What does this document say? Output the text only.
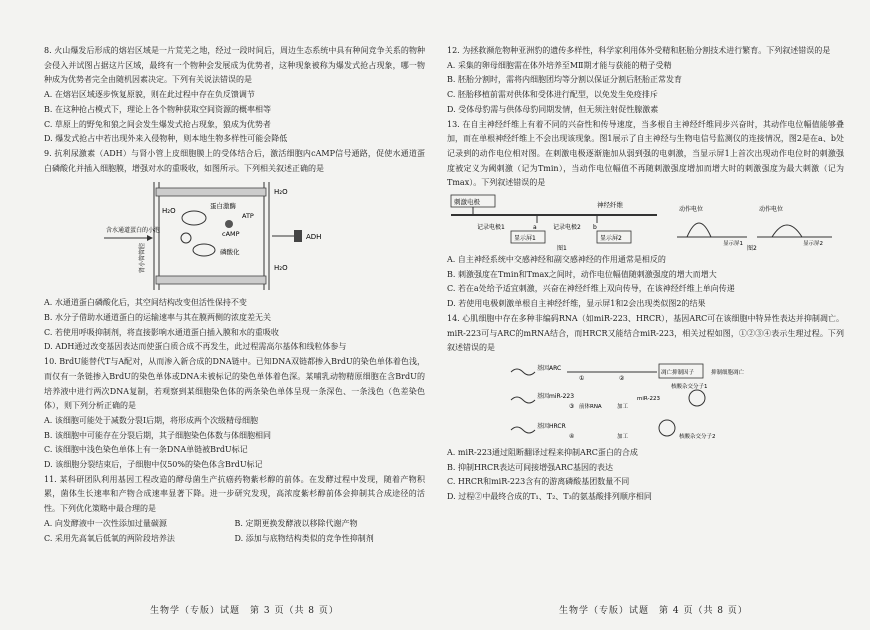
8. 火山爆发后形成的熔岩区域是一片荒芜之地，经过一段时间后，周边生态系统中具有种间竞争关系的物种会侵入并试图占据这片区域，最终有一个物种会发展成为优势者，这种现象被称为爆发式抢占现象，哪一物种成为优势者完全由随机因素决定。下列有关说法错误的是

A. 在熔岩区域逐步恢复原貌，则在此过程中存在负反馈调节

B. 在这种抢占模式下，理论上各个物种获取空间资源的概率相等

C. 草原上的野兔和狼之间会发生爆发式抢占现象，狼成为优势者

D. 爆发式抢占中若出现外来入侵物种，则本地生物多样性可能会降低

9. 抗利尿激素（ADH）与肾小管上皮细胞膜上的受体结合后，激活细胞内cAMP信号通路，促使水通道蛋白磷酸化并插入细胞膜，增强对水的重吸收，如图所示。下列相关叙述正确的是

H₂O
H₂O
H₂O
蛋白激酶
ATP
cAMP
含水通道蛋白的小泡
磷酸化
ADH
肾小管管腔

A. 水通道蛋白磷酸化后，其空间结构改变但活性保持不变

B. 水分子借助水通道蛋白的运输速率与其在膜两侧的浓度差无关

C. 若使用呼吸抑制剂，将直接影响水通道蛋白插入膜和水的重吸收

D. ADH通过改变基因表达而使蛋白质合成不再发生，此过程需高尔基体和线粒体参与

10. BrdU能替代T与A配对，从而渗入新合成的DNA链中。已知DNA双链都掺入BrdU的染色单体着色浅，而仅有一条链掺入BrdU的染色单体或DNA未被标记的染色单体着色深。某哺乳动物精原细胞在含BrdU的培养液中进行两次DNA复制，若观察到某细胞染色体的两条染色单体呈现一条深色、一条浅色（色差染色体），则下列分析正确的是

A. 该细胞可能处于减数分裂Ⅰ后期，将形成两个次级精母细胞

B. 该细胞中可能存在分裂后期，其子细胞染色体数与体细胞相同

C. 该细胞中浅色染色单体上有一条DNA单链被BrdU标记

D. 该细胞分裂结束后，子细胞中仅50%的染色体含BrdU标记

11. 某科研团队利用基因工程改造的酵母菌生产抗癌药物紫杉醇的前体。在发酵过程中发现，随着产物积累，菌体生长速率和产物合成速率显著下降。进一步研究发现，高浓度紫杉醇前体会抑制其合成途径的活性。下列优化策略中最合理的是

A. 向发酵液中一次性添加过量碳源	B. 定期更换发酵液以移除代谢产物

C. 采用先高氧后低氧的两阶段培养法	D. 添加与底物结构类似的竞争性抑制剂

生物学（专版）试题　第 3 页（共 8 页）

12. 为拯救濒危物种亚洲豹的遗传多样性，科学家利用体外受精和胚胎分割技术进行繁育。下列叙述错误的是

A. 采集的卵母细胞需在体外培养至MⅡ期才能与获能的精子受精

B. 胚胎分割时，需将内细胞团均等分割以保证分割后胚胎正常发育

C. 胚胎移植前需对供体和受体进行配型，以免发生免疫排斥

D. 受体母豹需与供体母豹同期发情，但无须注射促性腺激素

13. 在自主神经纤维上有着不同的兴奋性和传导速度，当多根自主神经纤维同步兴奋时，其动作电位幅值能够叠加，而在单根神经纤维上不会出现该现象。图1展示了自主神经与生物电信号监测仪的连接情况，图2是在a、b处记录到的动作电位相对图。在刺激电极逐渐施加从弱到强的电刺激，当显示屏1上首次出现动作电位时的刺激强度被定义为阈刺激（记为Tmin），当动作电位幅值不再随刺激强度增加而增大时的刺激强度为最大刺激（记为Tmax）。下列叙述错误的是

刺激电极	神经纤维
a	b
记录电极1	记录电极2
显示屏1	显示屏2
图1
动作电位	动作电位
显示屏1	显示屏2
图2

A. 自主神经系统中交感神经和副交感神经的作用通常是相反的

B. 刺激强度在Tmin和Tmax之间时，动作电位幅值随刺激强度的增大而增大

C. 若在a处给予适宜刺激，兴奋在神经纤维上双向传导，在该神经纤维上单向传递

D. 若使用电极刺激单根自主神经纤维，显示屏1和2会出现类似图2的结果

14. 心肌细胞中存在多种非编码RNA（如miR-223、HRCR），基因ARC可在该细胞中特异性表达并抑制凋亡。miR-223可与ARC的mRNA结合，而HRCR又能结合miR-223，相关过程如图，①②③④表示生理过程。下列叙述错误的是

基因ARC
①	②
凋亡抑制因子	抑制细胞凋亡
基因miR-223
前体RNA
③	加工
miR-223
核酸杂交分子1
基因HRCR
④	加工	核酸杂交分子2

A. miR-223通过阻断翻译过程来抑制ARC蛋白的合成

B. 抑制HRCR表达可间接增强ARC基因的表达

C. HRCR和miR-223含有的游离磷酸基团数量不同

D. 过程②中最终合成的T₁、T₂、T₃的氨基酸排列顺序相同

生物学（专版）试题　第 4 页（共 8 页）
